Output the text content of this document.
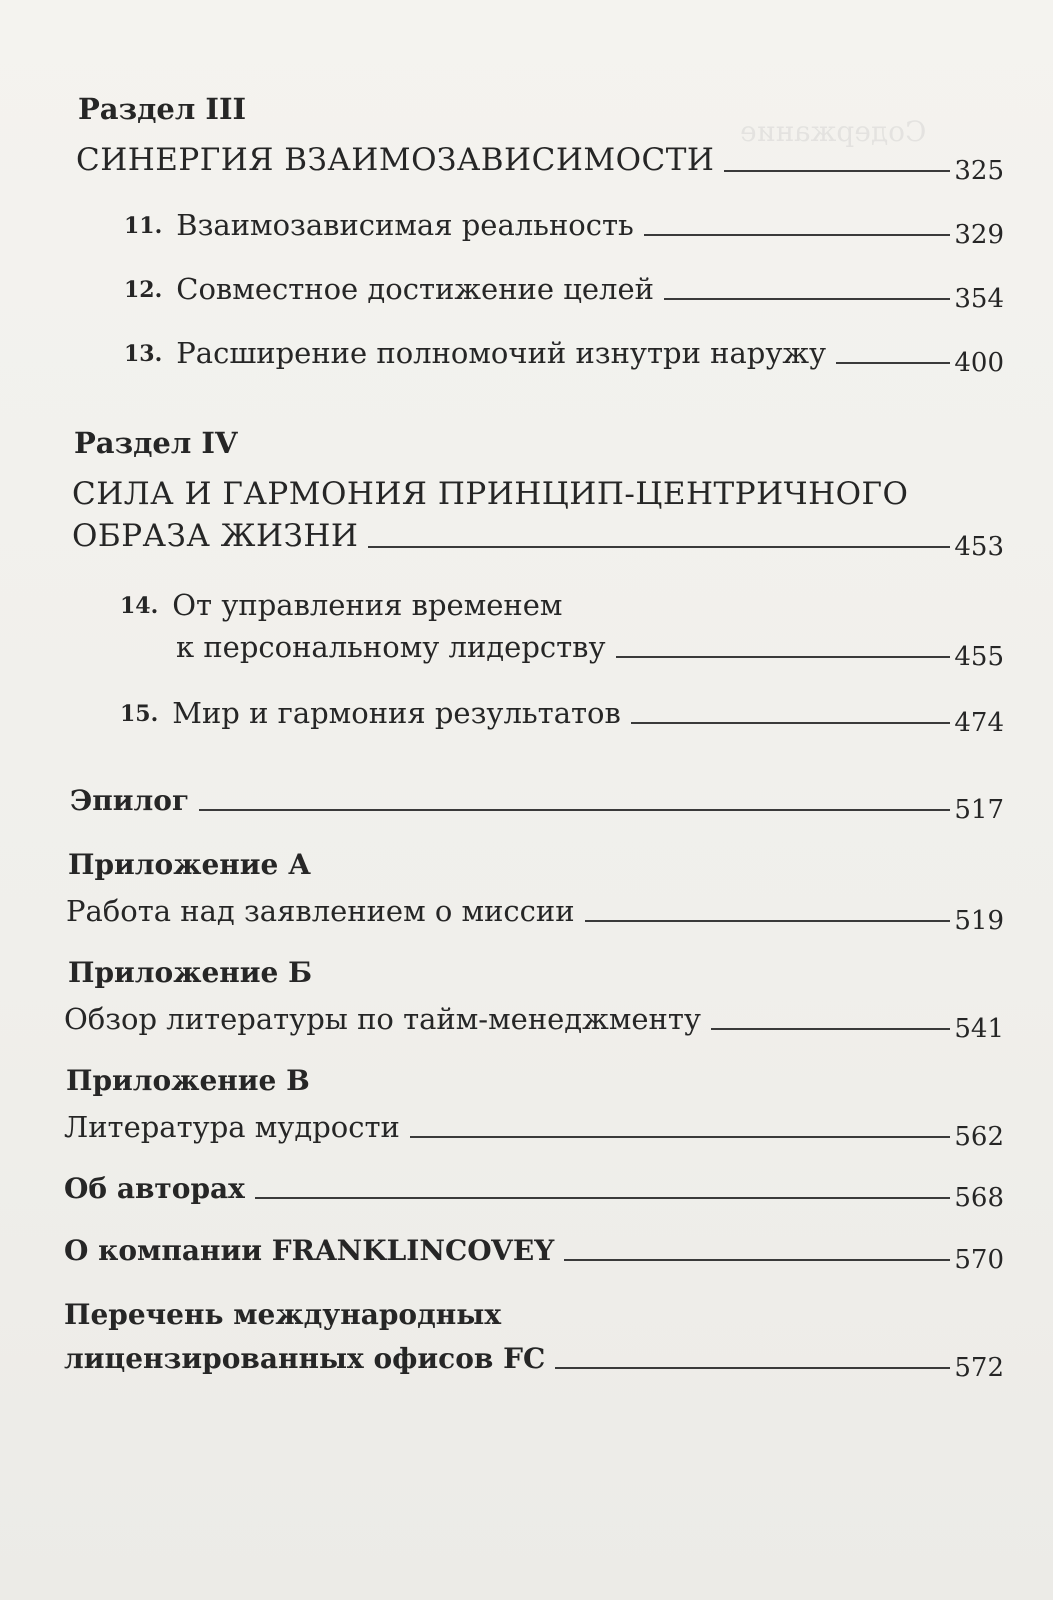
Содержание
Раздел III
СИНЕРГИЯ ВЗАИМОЗАВИСИМОСТИ	325
11. Взаимозависимая реальность	329
12. Совместное достижение целей	354
13. Расширение полномочий изнутри наружу	400
Раздел IV
СИЛА И ГАРМОНИЯ ПРИНЦИП-ЦЕНТРИЧНОГО
ОБРАЗА ЖИЗНИ	453
14. От управления временем
к персональному лидерству	455
15. Мир и гармония результатов	474
Эпилог	517
Приложение А
Работа над заявлением о миссии	519
Приложение Б
Обзор литературы по тайм-менеджменту	541
Приложение В
Литература мудрости	562
Об авторах	568
О компании FRANKLINCOVEY	570
Перечень международных
лицензированных офисов FC	572
